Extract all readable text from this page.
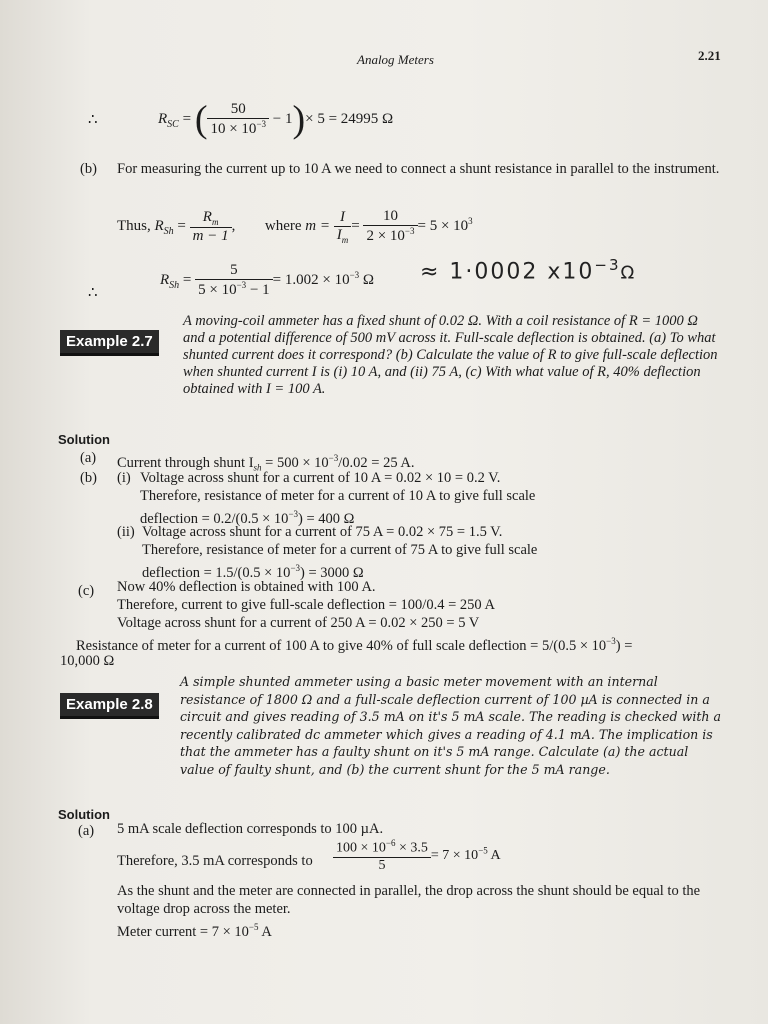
Analog Meters	2.21
∴	$R_{SC}$ = ( $\frac{50}{10 \times 10^{-3}} - 1)\times 5 = 24995$ Ω
(b) For measuring the current up to 10 A we need to connect a shunt resistance in parallel to the instrument.
Thus, $R_{Sh} = \frac{R_m}{m - 1}$ , where $m = \frac{I}{I_m} = \frac{10}{2 \times 10^{-3}} = 5 \times 10^3$
∴
$R_{Sh} = \frac{5}{5 \times 10^{-3} - 1} = 1.002 \times 10^{-3}$ Ω ≈ 1·0002 $x10^{-3}\Omega$
Example 2.7
A moving-coil ammeter has a fixed shunt of 0.02 Ω. With a coil resistance of R = 1000 Ω and a potential difference of 500 mV across it. Full-scale deflection is obtained. (a) To what shunted current does it correspond? (b) Calculate the value of R to give full-scale deflection when shunted current I is (i) 10 A, and (ii) 75 A, (c) With what value of R, 40% deflection obtained with I = 100 A.
Solution
(a) Current through shunt $I_{sh} = 500 \times 10^{-3}/0.02 = 25$ A.
(b) (i) Voltage across shunt for a current of 10 A = 0.02 × 10 = 0.2 V.
Therefore, resistance of meter for a current of 10 A to give full scale
deflection = $0.2/(0.5 \times 10^{-3}) = 400$ Ω
(ii) Voltage across shunt for a current of 75 A = 0.02 × 75 = 1.5 V.
Therefore, resistance of meter for a current of 75 A to give full scale
deflection = $1.5/(0.5 \times 10^{-3}) = 3000$ Ω
(c) Now 40% deflection is obtained with 100 A.
Therefore, current to give full-scale deflection = 100/0.4 = 250 A
Voltage across shunt for a current of 250 A = 0.02 × 250 = 5 V
Resistance of meter for a current of 100 A to give 40% of full scale deflection = $5/(0.5 \times 10^{-3})$ =
10,000 Ω
Example 2.8
A simple shunted ammeter using a basic meter movement with an internal resistance of 1800 Ω and a full-scale deflection current of 100 µA is connected in a circuit and gives reading of 3.5 mA on it's 5 mA scale. The reading is checked with a recently calibrated dc ammeter which gives a reading of 4.1 mA. The implication is that the ammeter has a faulty shunt on it's 5 mA range. Calculate (a) the actual value of faulty shunt, and (b) the current shunt for the 5 mA range.
Solution
(a) 5 mA scale deflection corresponds to 100 µA.
Therefore, 3.5 mA corresponds to $\frac{100 \times 10^{-6} \times 3.5}{5} = 7 \times 10^{-5}$ A
As the shunt and the meter are connected in parallel, the drop across the shunt should be equal to the voltage drop across the meter.
Meter current = $7 \times 10^{-5}$ A
